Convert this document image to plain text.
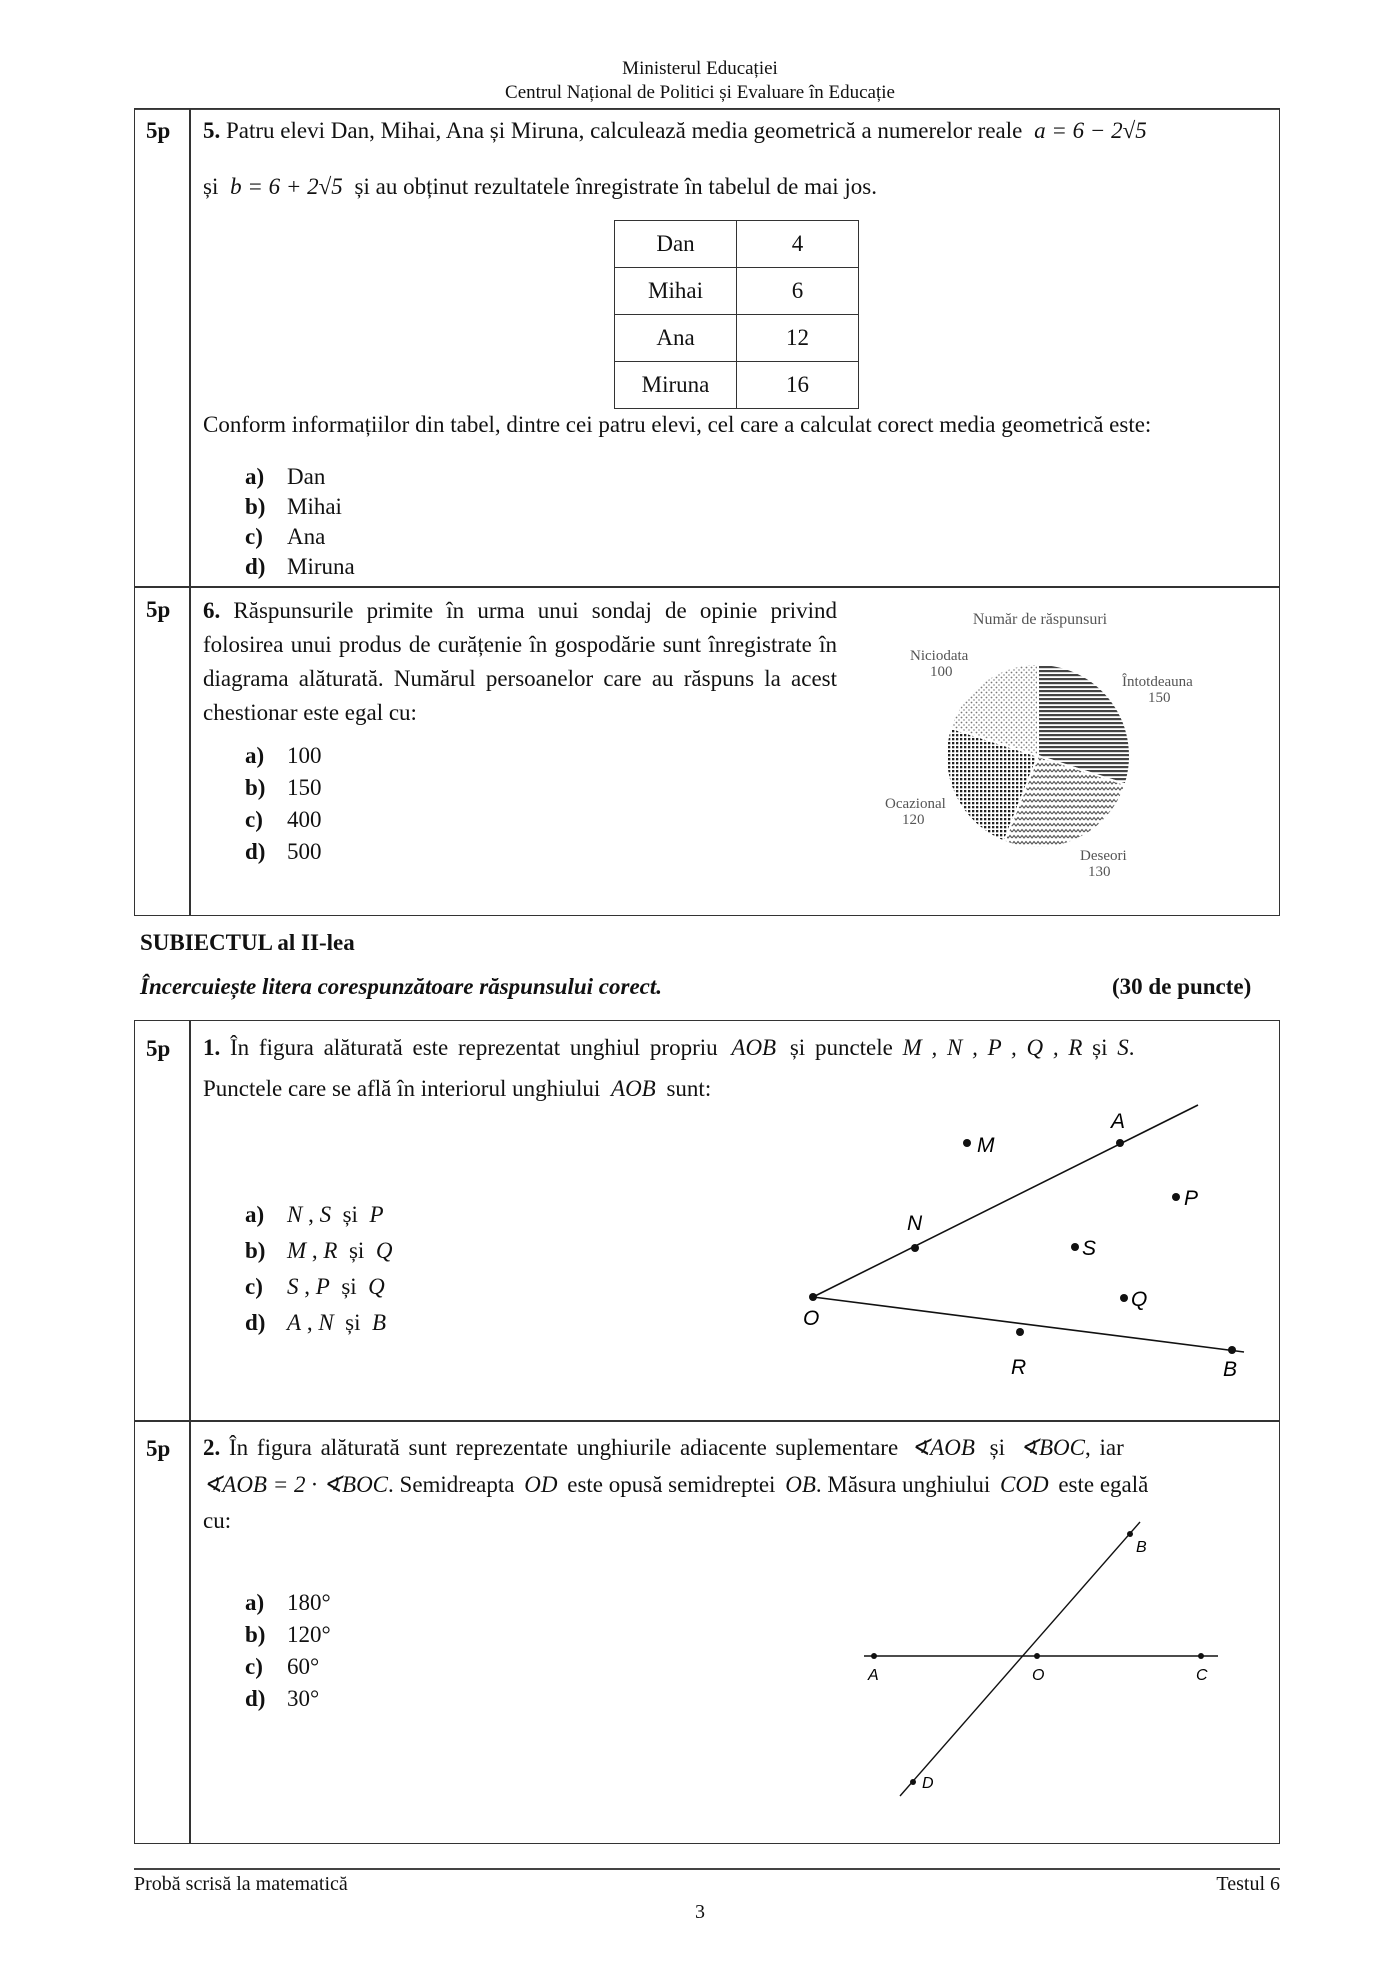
Ministerul Educației
Centrul Național de Politici și Evaluare în Educație
5p 5. Patru elevi Dan, Mihai, Ana și Miruna, calculează media geometrică a numerelor reale a = 6 − 2√5
și b = 6 + 2√5 și au obținut rezultatele înregistrate în tabelul de mai jos.
Dan	4
Mihai	6
Ana	12
Miruna	16
Conform informațiilor din tabel, dintre cei patru elevi, cel care a calculat corect media geometrică este:
a) Dan
b) Mihai
c) Ana
d) Miruna
5p 6. Răspunsurile primite în urma unui sondaj de opinie privind folosirea unui produs de curățenie în gospodărie sunt înregistrate în diagrama alăturată. Numărul persoanelor care au răspuns la acest chestionar este egal cu:
a) 100
b) 150
c) 400
d) 500
Număr de răspunsuri
Întotdeauna
150
Deseori
130
Ocazional
120
Niciodata
100
SUBIECTUL al II-lea
Încercuiește litera corespunzătoare răspunsului corect.	(30 de puncte)
5p 1. În figura alăturată este reprezentat unghiul propriu AOB și punctele M , N , P , Q , R și S.
Punctele care se află în interiorul unghiului AOB sunt:
a) N , S  și  P
b) M , R  și  Q
c) S , P  și  Q
d) A , N  și  B
A
M
P
N
S
Q
O
R	B
5p 2. În figura alăturată sunt reprezentate unghiurile adiacente suplementare ∢AOB și ∢BOC, iar
∢AOB = 2 · ∢BOC. Semidreapta OD este opusă semidreptei OB. Măsura unghiului COD este egală
cu:
a) 180°
b) 120°
c) 60°
d) 30°
B
A	O	C
D
Probă scrisă la matematică	Testul 6
3
